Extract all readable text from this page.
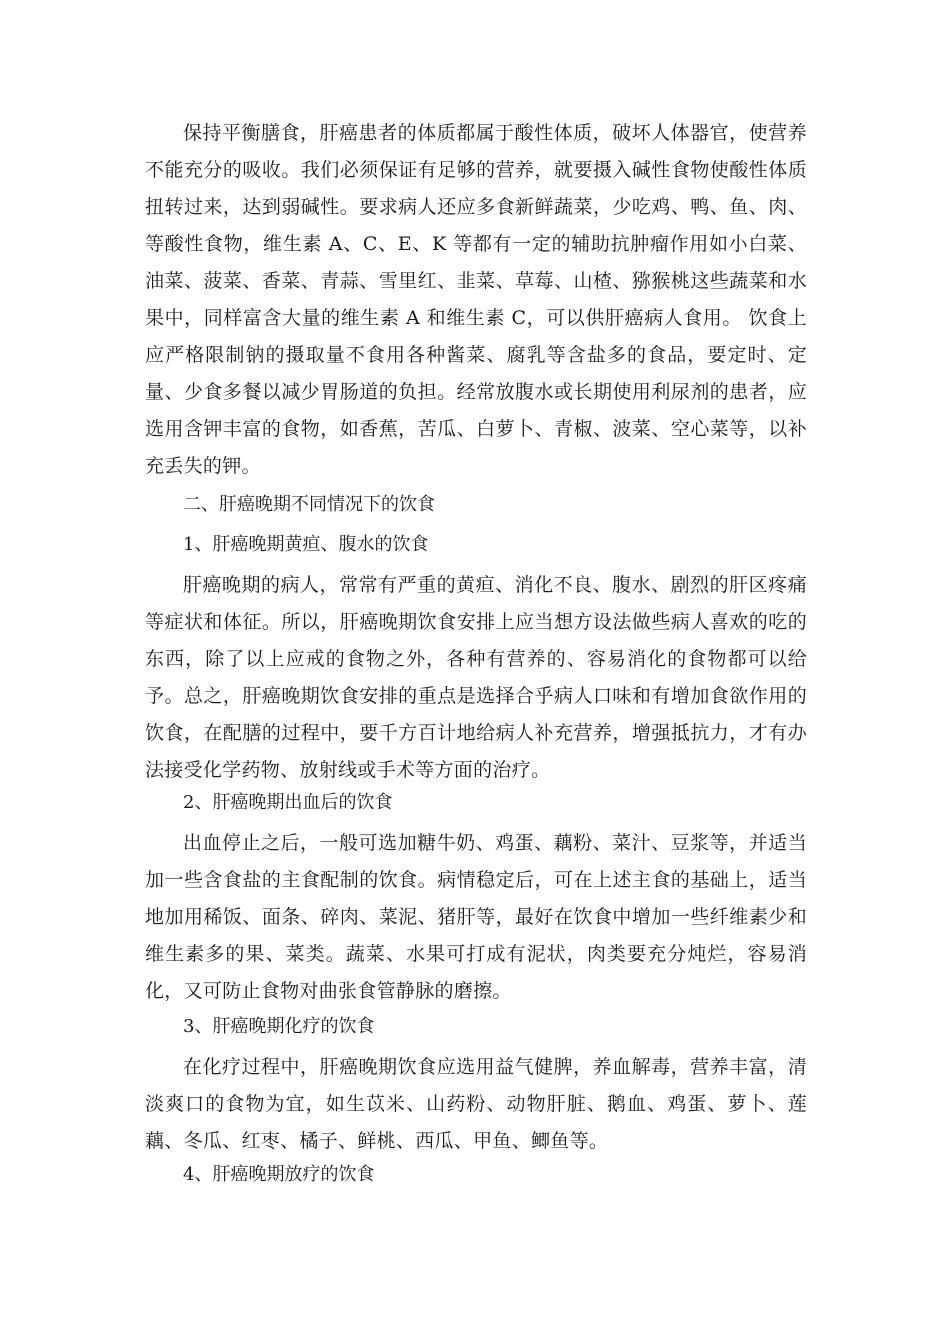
保持平衡膳食，肝癌患者的体质都属于酸性体质，破坏人体器官，使营养不能充分的吸收。我们必须保证有足够的营养，就要摄入碱性食物使酸性体质扭转过来，达到弱碱性。要求病人还应多食新鲜蔬菜，少吃鸡、鸭、鱼、肉、等酸性食物，维生素 A、C、E、K 等都有一定的辅助抗肿瘤作用如小白菜、油菜、菠菜、香菜、青蒜、雪里红、韭菜、草莓、山楂、猕猴桃这些蔬菜和水果中，同样富含大量的维生素 A 和维生素 C，可以供肝癌病人食用。 饮食上应严格限制钠的摄取量不食用各种酱菜、腐乳等含盐多的食品，要定时、定量、少食多餐以减少胃肠道的负担。经常放腹水或长期使用利尿剂的患者，应选用含钾丰富的食物，如香蕉，苦瓜、白萝卜、青椒、波菜、空心菜等，以补充丢失的钾。

二、肝癌晚期不同情况下的饮食

1、肝癌晚期黄疸、腹水的饮食

肝癌晚期的病人，常常有严重的黄疸、消化不良、腹水、剧烈的肝区疼痛等症状和体征。所以，肝癌晚期饮食安排上应当想方设法做些病人喜欢的吃的东西，除了以上应戒的食物之外，各种有营养的、容易消化的食物都可以给予。总之，肝癌晚期饮食安排的重点是选择合乎病人口味和有增加食欲作用的饮食，在配膳的过程中，要千方百计地给病人补充营养，增强抵抗力，才有办法接受化学药物、放射线或手术等方面的治疗。

2、肝癌晚期出血后的饮食

出血停止之后，一般可选加糖牛奶、鸡蛋、藕粉、菜汁、豆浆等，并适当加一些含食盐的主食配制的饮食。病情稳定后，可在上述主食的基础上，适当地加用稀饭、面条、碎肉、菜泥、猪肝等，最好在饮食中增加一些纤维素少和维生素多的果、菜类。蔬菜、水果可打成有泥状，肉类要充分炖烂，容易消化，又可防止食物对曲张食管静脉的磨擦。

3、肝癌晚期化疗的饮食

在化疗过程中，肝癌晚期饮食应选用益气健脾，养血解毒，营养丰富，清淡爽口的食物为宜，如生苡米、山药粉、动物肝脏、鹅血、鸡蛋、萝卜、莲藕、冬瓜、红枣、橘子、鲜桃、西瓜、甲鱼、鲫鱼等。

4、肝癌晚期放疗的饮食
